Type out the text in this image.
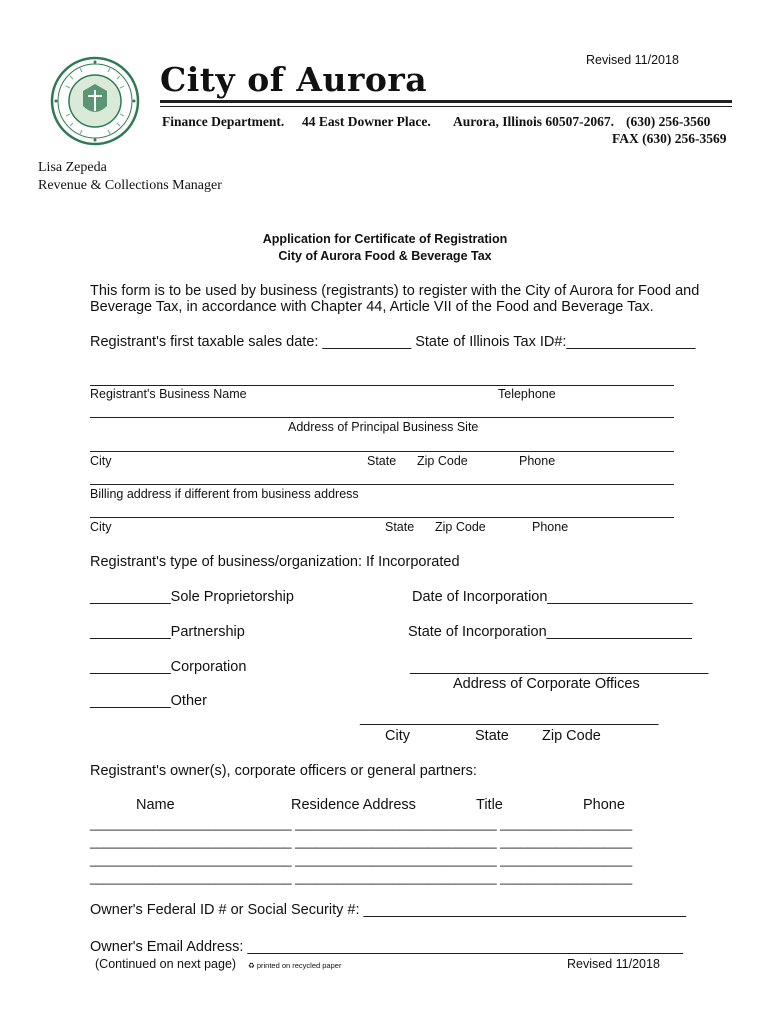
Revised 11/2018
City of Aurora
Finance Department. 44 East Downer Place. Aurora, Illinois 60507-2067. (630) 256-3560
FAX (630) 256-3569
Lisa Zepeda
Revenue & Collections Manager
Application for Certificate of Registration
City of Aurora Food & Beverage Tax
This form is to be used by business (registrants) to register with the City of Aurora for Food and
Beverage Tax, in accordance with Chapter 44, Article VII of the Food and Beverage Tax.
Registrant's first taxable sales date: ___________ State of Illinois Tax ID#:________________
Registrant's Business Name	Telephone
Address of Principal Business Site
City	State Zip Code	Phone
Billing address if different from business address
City	State Zip Code	Phone
Registrant's type of business/organization: If Incorporated
__________Sole Proprietorship	Date of Incorporation__________________
__________Partnership	State of Incorporation__________________
__________Corporation	_____________________________________
Address of Corporate Offices
__________Other
_____________________________________
City	State Zip Code
Registrant's owner(s), corporate officers or general partners:
Name	Residence Address	Title	Phone
_____________________________ _____________________________ ___________________
_____________________________ _____________________________ ___________________
_____________________________ _____________________________ ___________________
_____________________________ _____________________________ ___________________
Owner's Federal ID # or Social Security #: ________________________________________
Owner's Email Address: ______________________________________________________
(Continued on next page) ♻ printed on recycled paper	Revised 11/2018
